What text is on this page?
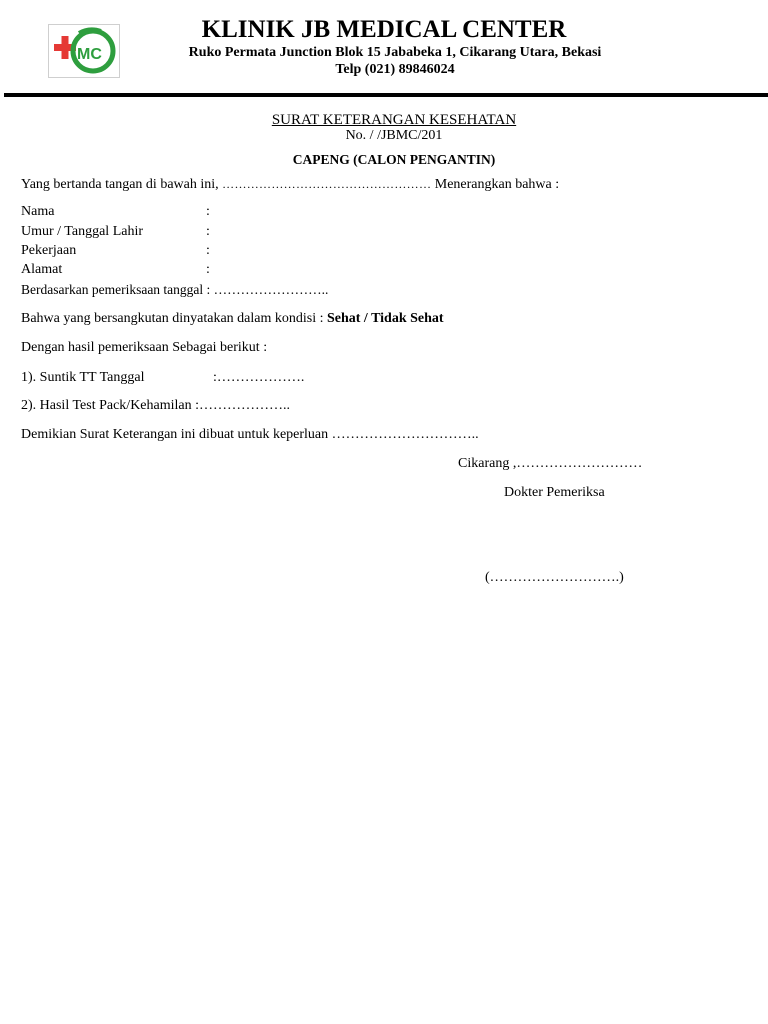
MC
KLINIK JB MEDICAL CENTER
Ruko Permata Junction Blok 15 Jababeka 1, Cikarang Utara, Bekasi
Telp (021) 89846024
SURAT KETERANGAN KESEHATAN
No. / /JBMC/201
CAPENG (CALON PENGANTIN)
Yang bertanda tangan di bawah ini, …………………………………………… Menerangkan bahwa :
Nama	:
Umur / Tanggal Lahir	:
Pekerjaan	:
Alamat	:
Berdasarkan pemeriksaan tanggal : ……………………..
Bahwa yang bersangkutan dinyatakan dalam kondisi : Sehat / Tidak Sehat
Dengan hasil pemeriksaan Sebagai berikut :
1). Suntik TT Tanggal	:……………….
2). Hasil Test Pack/Kehamilan :………………..
Demikian Surat Keterangan ini dibuat untuk keperluan …………………………..
Cikarang ,………………………
Dokter Pemeriksa
(……………………….)
